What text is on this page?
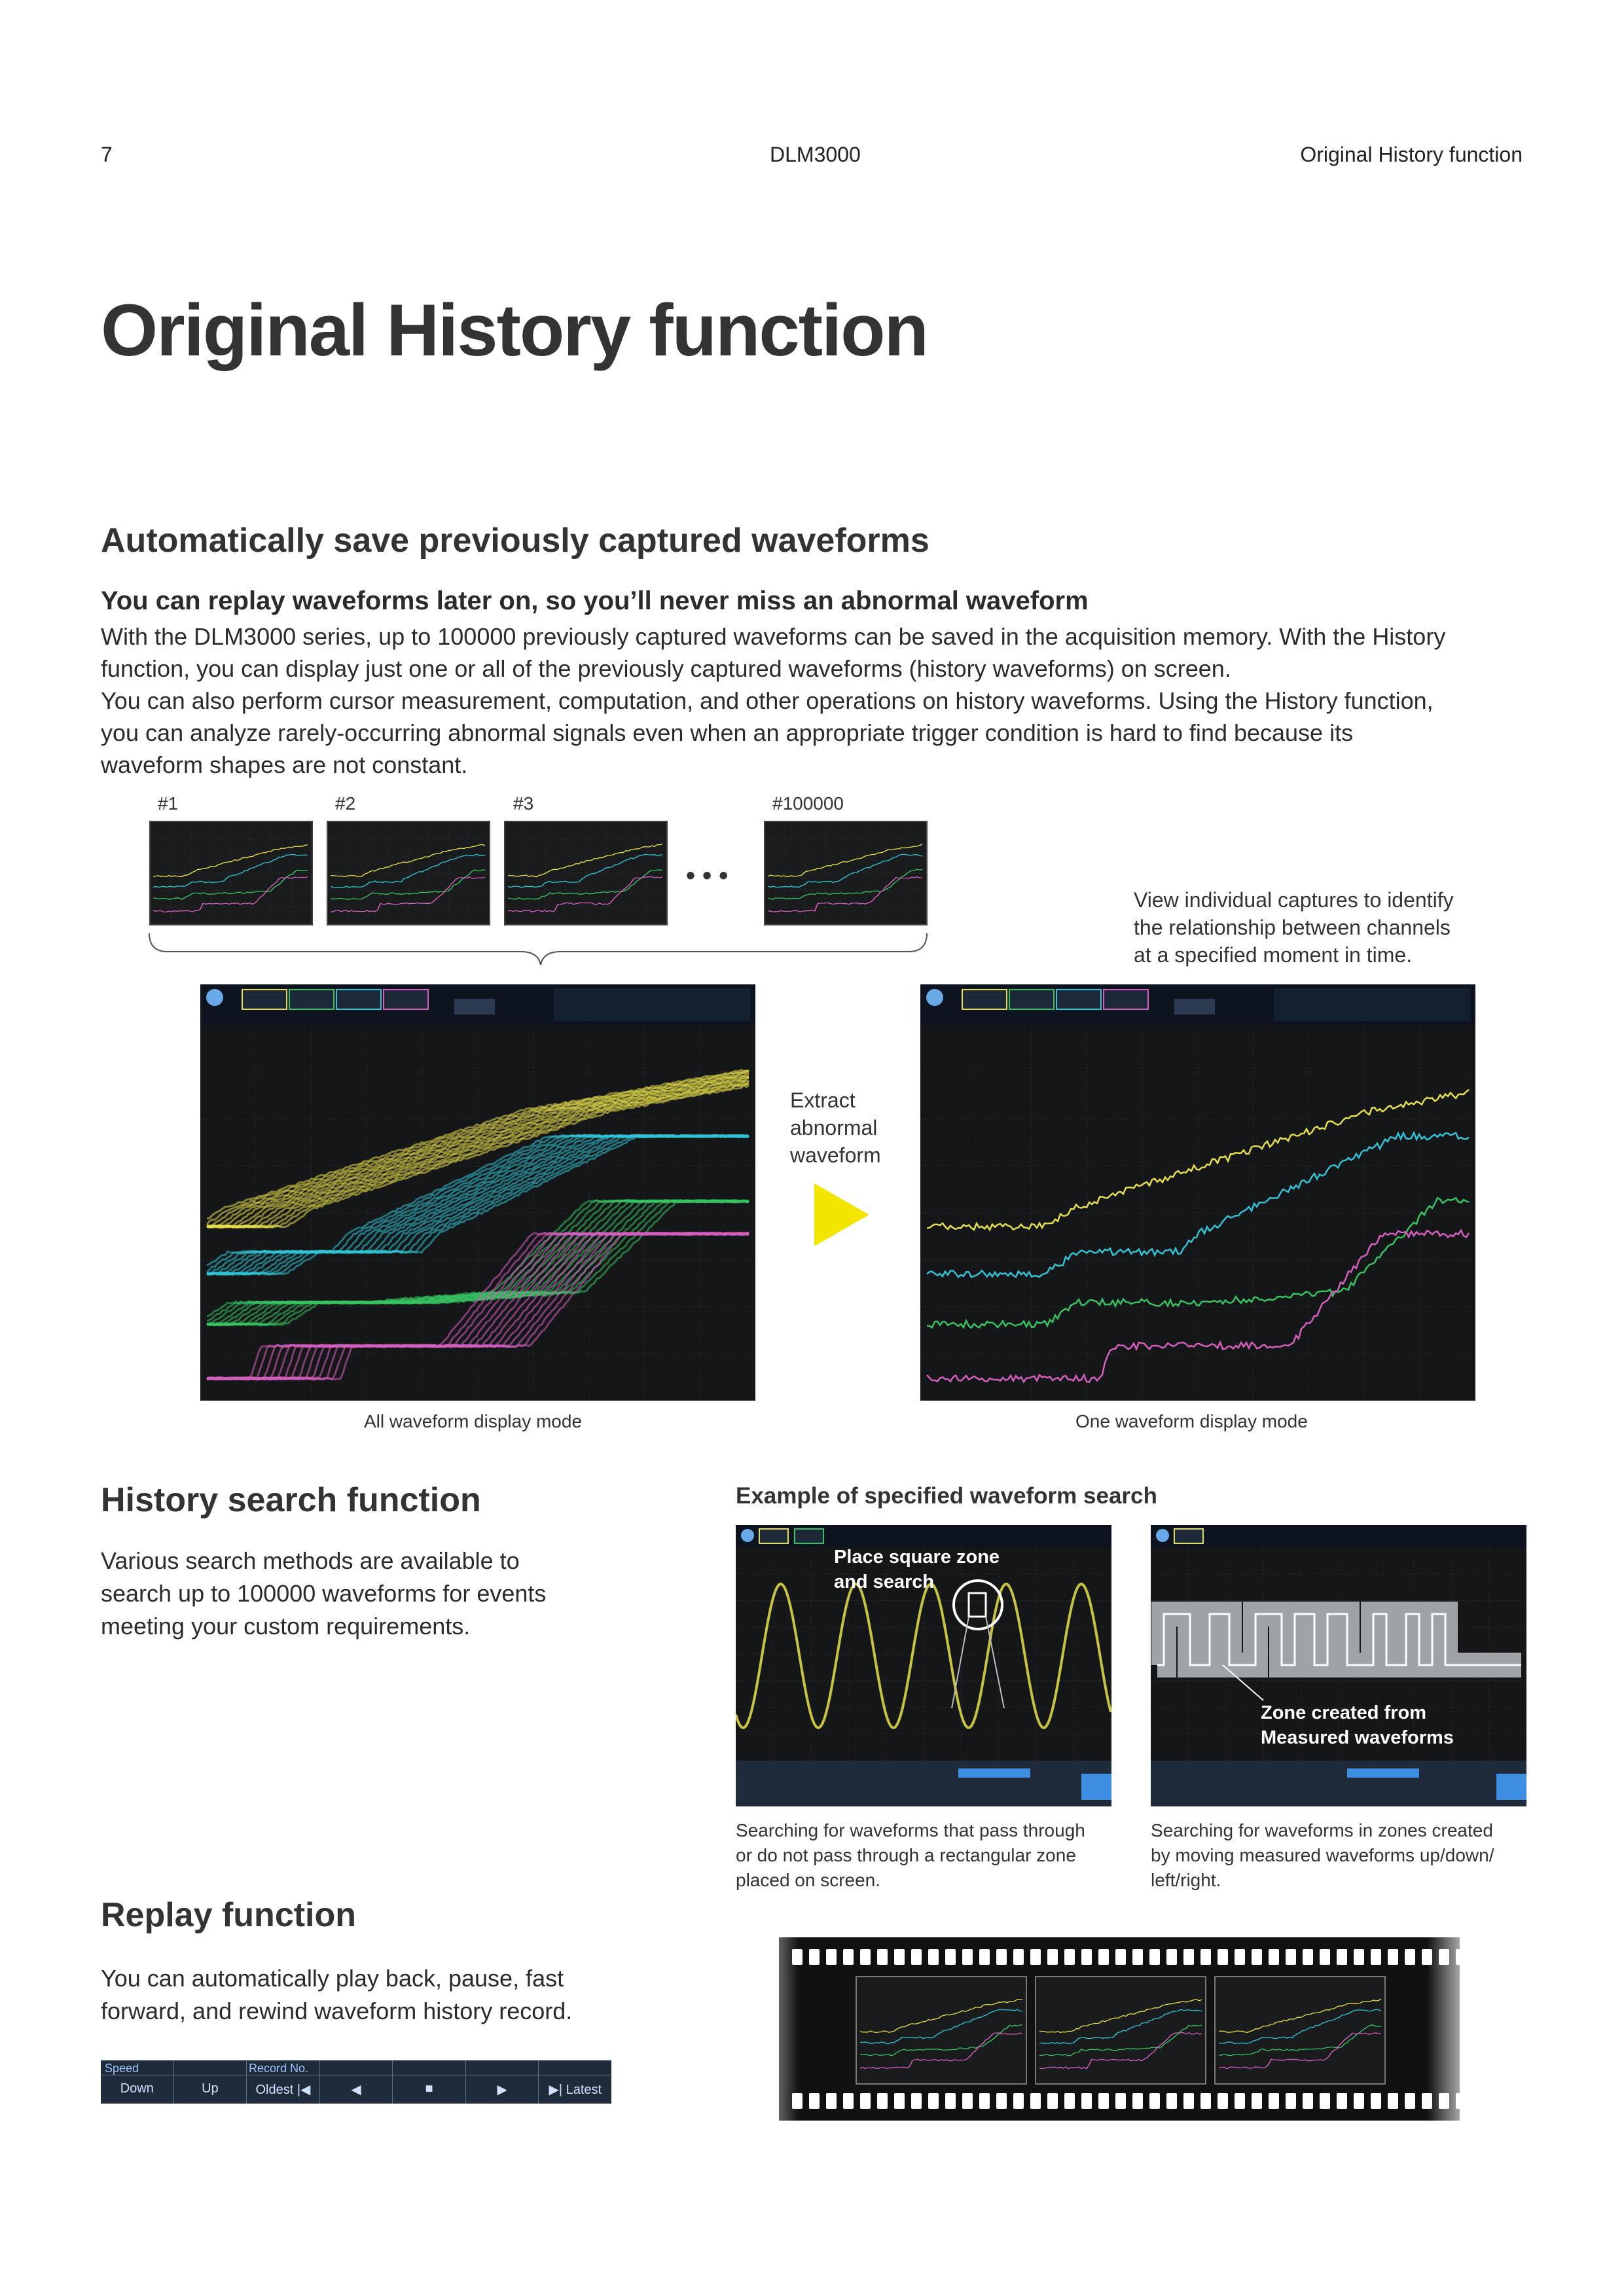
7	DLM3000	Original History function
Original History function
Automatically save previously captured waveforms
You can replay waveforms later on, so you’ll never miss an abnormal waveform
With the DLM3000 series, up to 100000 previously captured waveforms can be saved in the acquisition memory. With the History
function, you can display just one or all of the previously captured waveforms (history waveforms) on screen.
You can also perform cursor measurement, computation, and other operations on history waveforms. Using the History function,
you can analyze rarely-occurring abnormal signals even when an appropriate trigger condition is hard to find because its
waveform shapes are not constant.
#1	#2	#3	#100000
• • •
View individual captures to identify
the relationship between channels
at a specified moment in time.
Extract
abnormal
waveform
All waveform display mode	One waveform display mode
History search function
Various search methods are available to
search up to 100000 waveforms for events
meeting your custom requirements.
Example of specified waveform search
Place square zone
and search
Zone created from
Measured waveforms
Searching for waveforms that pass through
or do not pass through a rectangular zone
placed on screen.
Searching for waveforms in zones created
by moving measured waveforms up/down/
left/right.
Replay function
You can automatically play back, pause, fast
forward, and rewind waveform history record.
Speed	Record No.
Down	Up	Oldest |◀	◀	■	▶	▶| Latest
